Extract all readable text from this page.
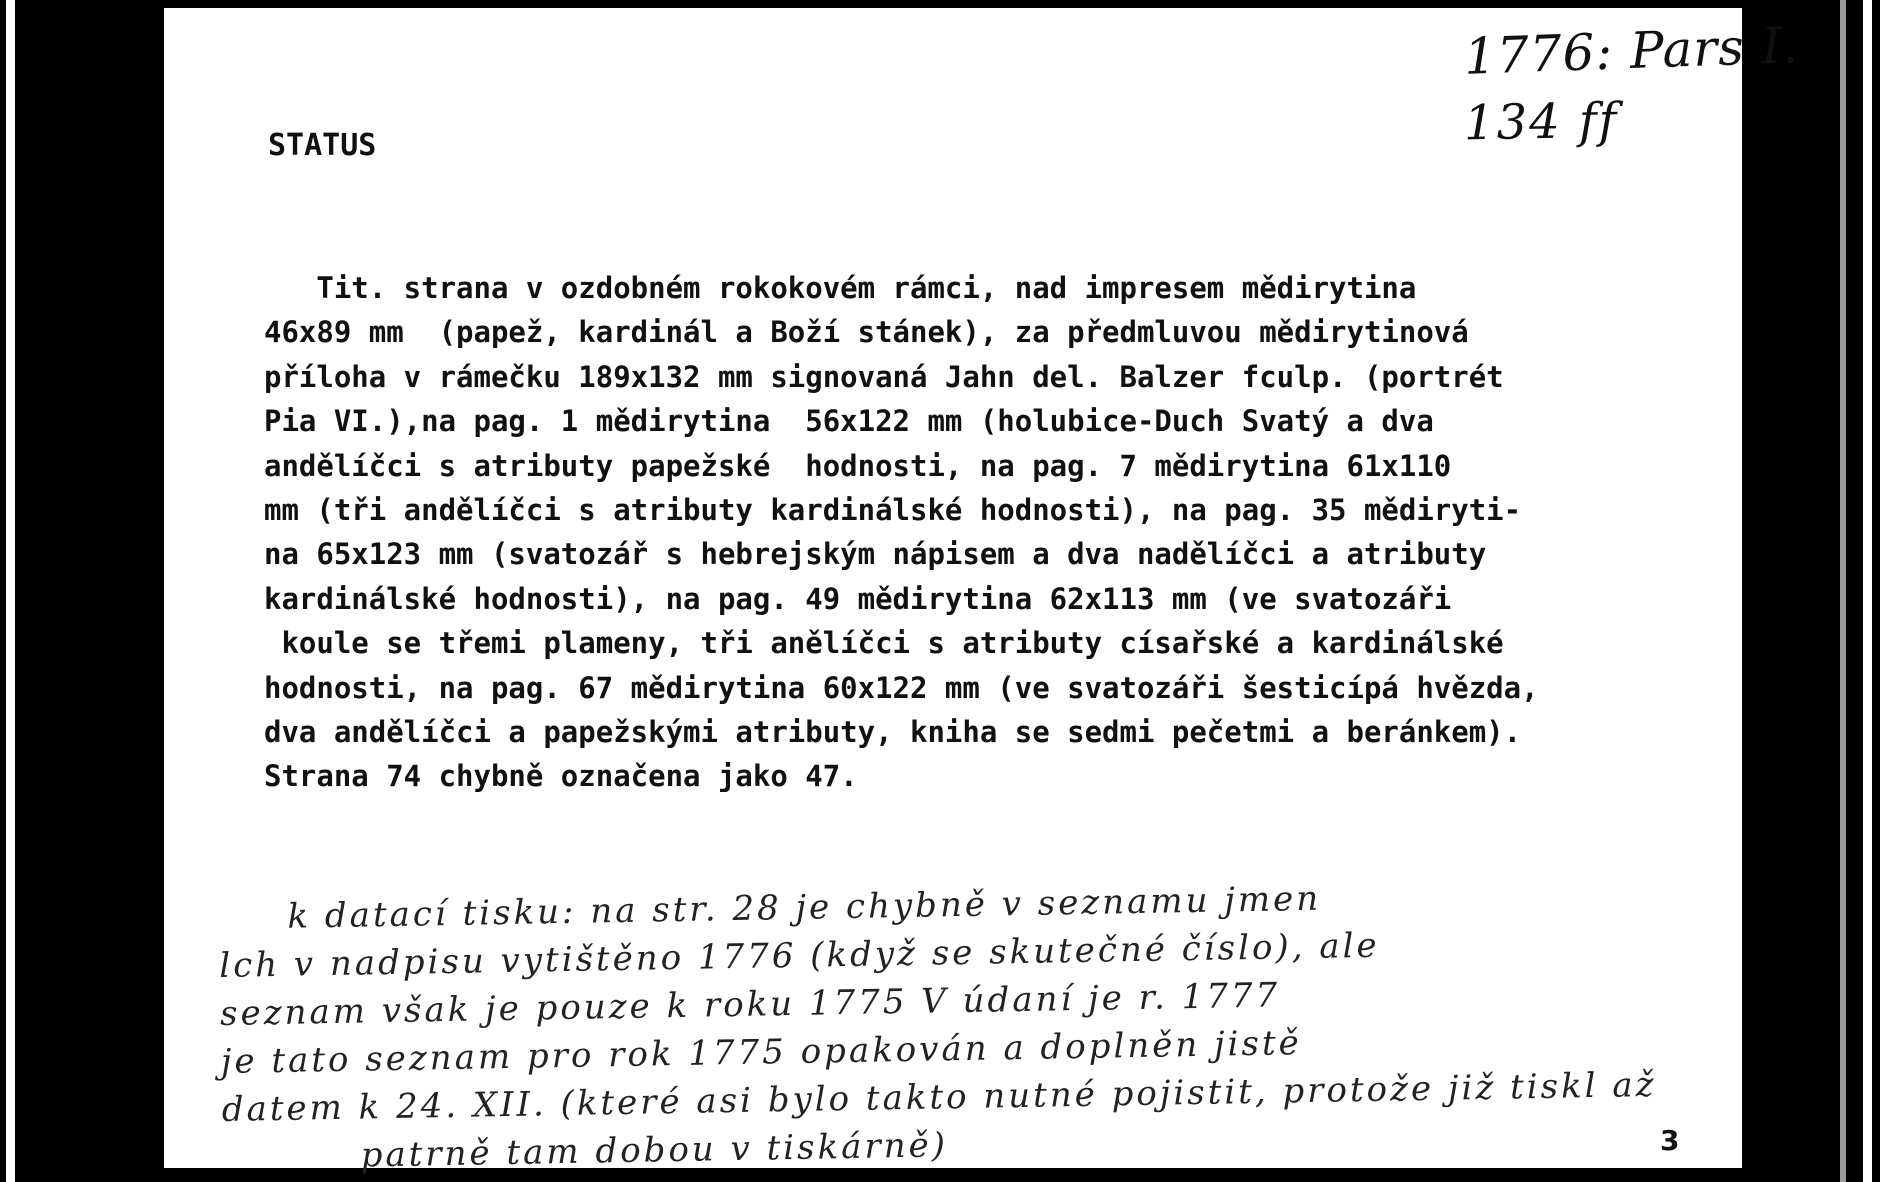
1776: Pars I.
134 ff

STATUS

Tit. strana v ozdobném rokokovém rámci, nad impresem mědirytina
46x89 mm  (papež, kardinál a Boží stánek), za předmluvou mědirytinová
příloha v rámečku 189x132 mm signovaná Jahn del. Balzer fculp. (portrét
Pia VI.),na pag. 1 mědirytina  56x122 mm (holubice-Duch Svatý a dva
andělíčci s atributy papežské  hodnosti, na pag. 7 mědirytina 61x110
mm (tři andělíčci s atributy kardinálské hodnosti), na pag. 35 mědiryti-
na 65x123 mm (svatozář s hebrejským nápisem a dva nadělíčci a atributy
kardinálské hodnosti), na pag. 49 mědirytina 62x113 mm (ve svatozáři
koule se třemi plameny, tři anělíčci s atributy císařské a kardinálské
hodnosti, na pag. 67 mědirytina 60x122 mm (ve svatozáři šesticípá hvězda,
dva andělíčci a papežskými atributy, kniha se sedmi pečetmi a beránkem).
Strana 74 chybně označena jako 47.

k datací tisku: na str. 28 je chybně v seznamu jmen
lch v nadpisu vytištěno 1776 (když se skutečné číslo), ale
seznam však je pouze k roku 1775 V údaní je r. 1777
je tato seznam pro rok 1775 opakován a doplněn jistě
datem k 24. XII. (které asi bylo takto nutné pojistit, protože již tiskl až
patrně tam dobou v tiskárně)	3
